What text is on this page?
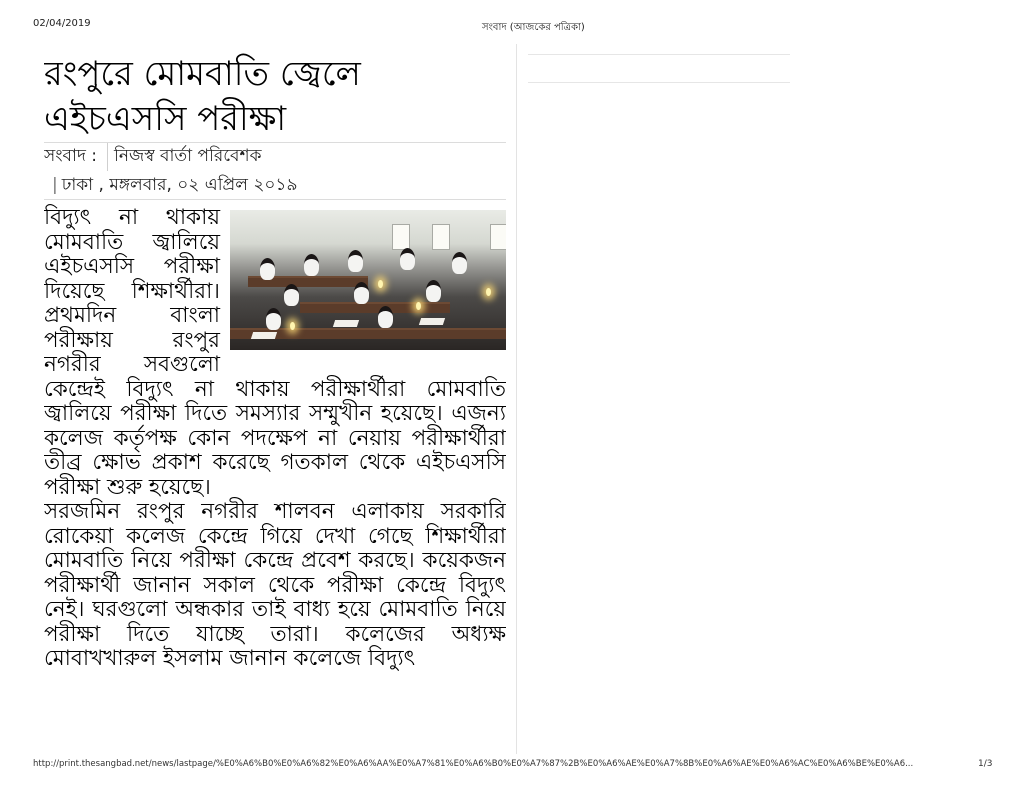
02/04/2019	সংবাদ (আজকের পত্রিকা)
রংপুরে মোমবাতি জ্বেলে
এইচএসসি পরীক্ষা
সংবাদ :	নিজস্ব বার্তা পরিবেশক
| ঢাকা , মঙ্গলবার, ০২ এপ্রিল ২০১৯

বিদ্যুৎ না থাকায় মোমবাতি জ্বালিয়ে এইচএসসি পরীক্ষা দিয়েছে শিক্ষার্থীরা। প্রথমদিন বাংলা পরীক্ষায় রংপুর নগরীর সবগুলো কেন্দ্রেই বিদ্যুৎ না থাকায় পরীক্ষার্থীরা মোমবাতি জ্বালিয়ে পরীক্ষা দিতে সমস্যার সম্মুখীন হয়েছে। এজন্য কলেজ কর্তৃপক্ষ কোন পদক্ষেপ না নেয়ায় পরীক্ষার্থীরা তীব্র ক্ষোভ প্রকাশ করেছে গতকাল থেকে এইচএসসি পরীক্ষা শুরু হয়েছে।

সরজমিন রংপুর নগরীর শালবন এলাকায় সরকারি রোকেয়া কলেজ কেন্দ্রে গিয়ে দেখা গেছে শিক্ষার্থীরা মোমবাতি নিয়ে পরীক্ষা কেন্দ্রে প্রবেশ করছে। কয়েকজন পরীক্ষার্থী জানান সকাল থেকে পরীক্ষা কেন্দ্রে বিদ্যুৎ নেই। ঘরগুলো অন্ধকার তাই বাধ্য হয়ে মোমবাতি নিয়ে পরীক্ষা দিতে যাচ্ছে তারা। কলেজের অধ্যক্ষ মোবাখখারুল ইসলাম জানান কলেজে বিদ্যুৎ

http://print.thesangbad.net/news/lastpage/%E0%A6%B0%E0%A6%82%E0%A6%AA%E0%A7%81%E0%A6%B0%E0%A7%87%2B%E0%A6%AE%E0%A7%8B%E0%A6%AE%E0%A6%AC%E0%A6%BE%E0%A6...	1/3
